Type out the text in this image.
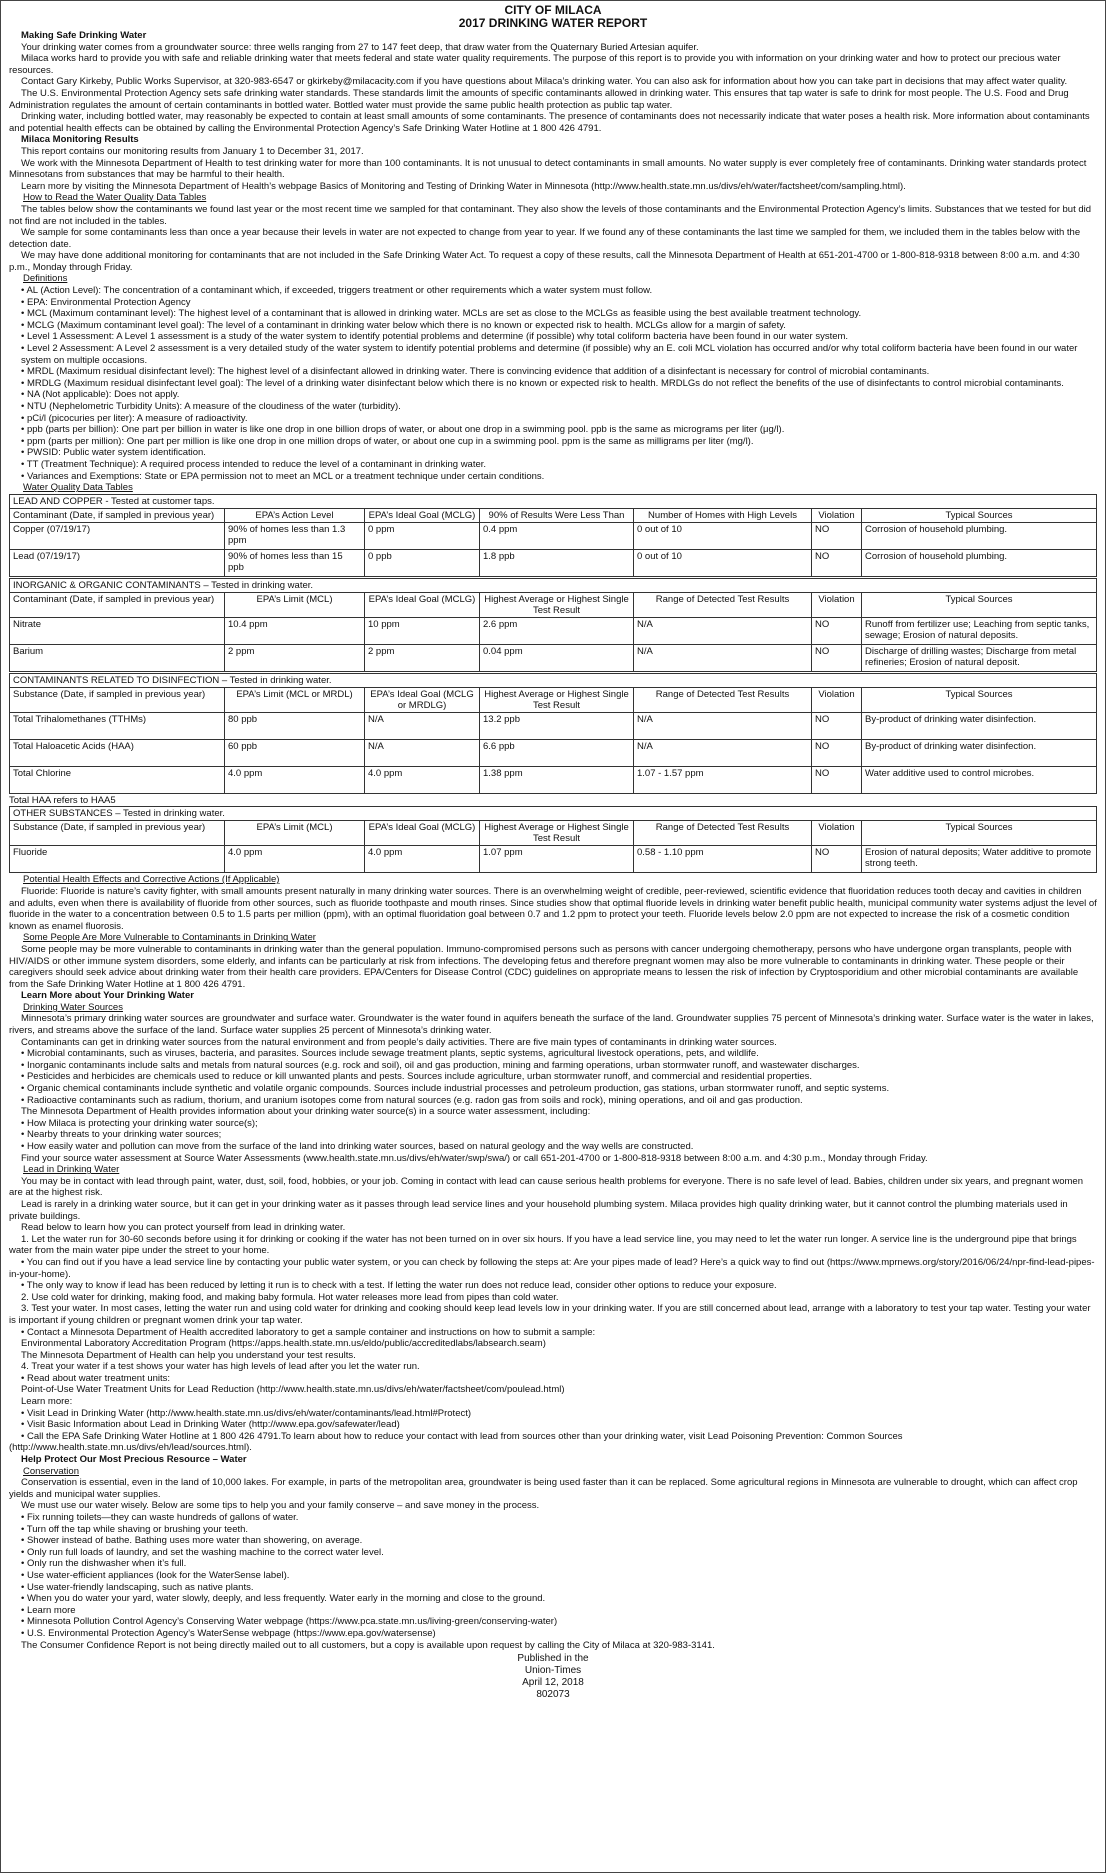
CITY OF MILACA
2017 DRINKING WATER REPORT
Making Safe Drinking Water

Your drinking water comes from a groundwater source: three wells ranging from 27 to 147 feet deep, that draw water from the Quaternary Buried Artesian aquifer.

Milaca works hard to provide you with safe and reliable drinking water that meets federal and state water quality requirements. The purpose of this report is to provide you with information on your drinking water and how to protect our precious water resources.

Contact Gary Kirkeby, Public Works Supervisor, at 320-983-6547 or gkirkeby@milacacity.com if you have questions about Milaca’s drinking water. You can also ask for information about how you can take part in decisions that may affect water quality.

The U.S. Environmental Protection Agency sets safe drinking water standards. These standards limit the amounts of specific contaminants allowed in drinking water. This ensures that tap water is safe to drink for most people. The U.S. Food and Drug Administration regulates the amount of certain contaminants in bottled water. Bottled water must provide the same public health protection as public tap water.

Drinking water, including bottled water, may reasonably be expected to contain at least small amounts of some contaminants. The presence of contaminants does not necessarily indicate that water poses a health risk. More information about contaminants and potential health effects can be obtained by calling the Environmental Protection Agency’s Safe Drinking Water Hotline at 1 800 426 4791.

Milaca Monitoring Results

This report contains our monitoring results from January 1 to December 31, 2017.

We work with the Minnesota Department of Health to test drinking water for more than 100 contaminants. It is not unusual to detect contaminants in small amounts. No water supply is ever completely free of contaminants. Drinking water standards protect Minnesotans from substances that may be harmful to their health.

Learn more by visiting the Minnesota Department of Health’s webpage Basics of Monitoring and Testing of Drinking Water in Minnesota (http://www.health.state.mn.us/divs/eh/water/factsheet/com/sampling.html).

How to Read the Water Quality Data Tables

The tables below show the contaminants we found last year or the most recent time we sampled for that contaminant. They also show the levels of those contaminants and the Environmental Protection Agency’s limits. Substances that we tested for but did not find are not included in the tables.

We sample for some contaminants less than once a year because their levels in water are not expected to change from year to year. If we found any of these contaminants the last time we sampled for them, we included them in the tables below with the detection date.

We may have done additional monitoring for contaminants that are not included in the Safe Drinking Water Act. To request a copy of these results, call the Minnesota Department of Health at 651-201-4700 or 1-800-818-9318 between 8:00 a.m. and 4:30 p.m., Monday through Friday.

Definitions
• AL (Action Level): The concentration of a contaminant which, if exceeded, triggers treatment or other requirements which a water system must follow.
• EPA: Environmental Protection Agency
• MCL (Maximum contaminant level): The highest level of a contaminant that is allowed in drinking water. MCLs are set as close to the MCLGs as feasible using the best available treatment technology.
• MCLG (Maximum contaminant level goal): The level of a contaminant in drinking water below which there is no known or expected risk to health. MCLGs allow for a margin of safety.
• Level 1 Assessment: A Level 1 assessment is a study of the water system to identify potential problems and determine (if possible) why total coliform bacteria have been found in our water system.
• Level 2 Assessment: A Level 2 assessment is a very detailed study of the water system to identify potential problems and determine (if possible) why an E. coli MCL violation has occurred and/or why total coliform bacteria have been found in our water system on multiple occasions.
• MRDL (Maximum residual disinfectant level): The highest level of a disinfectant allowed in drinking water. There is convincing evidence that addition of a disinfectant is necessary for control of microbial contaminants.
• MRDLG (Maximum residual disinfectant level goal): The level of a drinking water disinfectant below which there is no known or expected risk to health. MRDLGs do not reflect the benefits of the use of disinfectants to control microbial contaminants.
• NA (Not applicable): Does not apply.
• NTU (Nephelometric Turbidity Units): A measure of the cloudiness of the water (turbidity).
• pCi/l (picocuries per liter): A measure of radioactivity.
• ppb (parts per billion): One part per billion in water is like one drop in one billion drops of water, or about one drop in a swimming pool. ppb is the same as micrograms per liter (μg/l).
• ppm (parts per million): One part per million is like one drop in one million drops of water, or about one cup in a swimming pool. ppm is the same as milligrams per liter (mg/l).
• PWSID: Public water system identification.
• TT (Treatment Technique): A required process intended to reduce the level of a contaminant in drinking water.
• Variances and Exemptions: State or EPA permission not to meet an MCL or a treatment technique under certain conditions.
Water Quality Data Tables
LEAD AND COPPER - Tested at customer taps.						
Contaminant (Date, if sampled in previous year)	EPA’s Action Level	EPA’s Ideal Goal (MCLG)	90% of Results Were Less Than	Number of Homes with High Levels	Violation	Typical Sources
Copper (07/19/17)	90% of homes less than 1.3 ppm	0 ppm	0.4 ppm	0 out of 10	NO	Corrosion of household plumbing.
Lead (07/19/17)	90% of homes less than 15 ppb	0 ppb	1.8 ppb	0 out of 10	NO	Corrosion of household plumbing.
INORGANIC & ORGANIC CONTAMINANTS – Tested in drinking water.						
Contaminant (Date, if sampled in previous year)	EPA’s Limit (MCL)	EPA’s Ideal Goal (MCLG)	Highest Average or Highest Single Test Result	Range of Detected Test Results	Violation	Typical Sources
Nitrate	10.4 ppm	10 ppm	2.6 ppm	N/A	NO	Runoff from fertilizer use; Leaching from septic tanks, sewage; Erosion of natural deposits.
Barium	2 ppm	2 ppm	0.04 ppm	N/A	NO	Discharge of drilling wastes; Discharge from metal refineries; Erosion of natural deposit.
CONTAMINANTS RELATED TO DISINFECTION – Tested in drinking water.						
Substance (Date, if sampled in previous year)	EPA’s Limit (MCL or MRDL)	EPA’s Ideal Goal (MCLG or MRDLG)	Highest Average or Highest Single Test Result	Range of Detected Test Results	Violation	Typical Sources
Total Trihalomethanes (TTHMs)	80 ppb	N/A	13.2 ppb	N/A	NO	By-product of drinking water disinfection.
Total Haloacetic Acids (HAA)	60 ppb	N/A	6.6 ppb	N/A	NO	By-product of drinking water disinfection.
Total Chlorine	4.0 ppm	4.0 ppm	1.38 ppm	1.07 - 1.57 ppm	NO	Water additive used to control microbes.
Total HAA refers to HAA5
OTHER SUBSTANCES – Tested in drinking water.						
Substance (Date, if sampled in previous year)	EPA’s Limit (MCL)	EPA’s Ideal Goal (MCLG)	Highest Average or Highest Single Test Result	Range of Detected Test Results	Violation	Typical Sources
Fluoride	4.0 ppm	4.0 ppm	1.07 ppm	0.58 - 1.10 ppm	NO	Erosion of natural deposits; Water additive to promote strong teeth.
Potential Health Effects and Corrective Actions (If Applicable)

Fluoride: Fluoride is nature’s cavity fighter, with small amounts present naturally in many drinking water sources. There is an overwhelming weight of credible, peer-reviewed, scientific evidence that fluoridation reduces tooth decay and cavities in children and adults, even when there is availability of fluoride from other sources, such as fluoride toothpaste and mouth rinses. Since studies show that optimal fluoride levels in drinking water benefit public health, municipal community water systems adjust the level of fluoride in the water to a concentration between 0.5 to 1.5 parts per million (ppm), with an optimal fluoridation goal between 0.7 and 1.2 ppm to protect your teeth. Fluoride levels below 2.0 ppm are not expected to increase the risk of a cosmetic condition known as enamel fluorosis.

Some People Are More Vulnerable to Contaminants in Drinking Water

Some people may be more vulnerable to contaminants in drinking water than the general population. Immuno-compromised persons such as persons with cancer undergoing chemotherapy, persons who have undergone organ transplants, people with HIV/AIDS or other immune system disorders, some elderly, and infants can be particularly at risk from infections. The developing fetus and therefore pregnant women may also be more vulnerable to contaminants in drinking water. These people or their caregivers should seek advice about drinking water from their health care providers. EPA/Centers for Disease Control (CDC) guidelines on appropriate means to lessen the risk of infection by Cryptosporidium and other microbial contaminants are available from the Safe Drinking Water Hotline at 1 800 426 4791.

Learn More about Your Drinking Water
Drinking Water Sources

Minnesota’s primary drinking water sources are groundwater and surface water. Groundwater is the water found in aquifers beneath the surface of the land. Groundwater supplies 75 percent of Minnesota’s drinking water. Surface water is the water in lakes, rivers, and streams above the surface of the land. Surface water supplies 25 percent of Minnesota’s drinking water.

Contaminants can get in drinking water sources from the natural environment and from people’s daily activities. There are five main types of contaminants in drinking water sources.

• Microbial contaminants, such as viruses, bacteria, and parasites. Sources include sewage treatment plants, septic systems, agricultural livestock operations, pets, and wildlife.
• Inorganic contaminants include salts and metals from natural sources (e.g. rock and soil), oil and gas production, mining and farming operations, urban stormwater runoff, and wastewater discharges.
• Pesticides and herbicides are chemicals used to reduce or kill unwanted plants and pests. Sources include agriculture, urban stormwater runoff, and commercial and residential properties.
• Organic chemical contaminants include synthetic and volatile organic compounds. Sources include industrial processes and petroleum production, gas stations, urban stormwater runoff, and septic systems.
• Radioactive contaminants such as radium, thorium, and uranium isotopes come from natural sources (e.g. radon gas from soils and rock), mining operations, and oil and gas production.

The Minnesota Department of Health provides information about your drinking water source(s) in a source water assessment, including:

• How Milaca is protecting your drinking water source(s);
• Nearby threats to your drinking water sources;
• How easily water and pollution can move from the surface of the land into drinking water sources, based on natural geology and the way wells are constructed.

Find your source water assessment at Source Water Assessments (www.health.state.mn.us/divs/eh/water/swp/swa/) or call 651-201-4700 or 1-800-818-9318 between 8:00 a.m. and 4:30 p.m., Monday through Friday.

Lead in Drinking Water

You may be in contact with lead through paint, water, dust, soil, food, hobbies, or your job. Coming in contact with lead can cause serious health problems for everyone. There is no safe level of lead. Babies, children under six years, and pregnant women are at the highest risk.

Lead is rarely in a drinking water source, but it can get in your drinking water as it passes through lead service lines and your household plumbing system. Milaca provides high quality drinking water, but it cannot control the plumbing materials used in private buildings.

Read below to learn how you can protect yourself from lead in drinking water.

1. Let the water run for 30-60 seconds before using it for drinking or cooking if the water has not been turned on in over six hours. If you have a lead service line, you may need to let the water run longer. A service line is the underground pipe that brings water from the main water pipe under the street to your home.

• You can find out if you have a lead service line by contacting your public water system, or you can check by following the steps at: Are your pipes made of lead? Here’s a quick way to find out (https://www.mprnews.org/story/2016/06/24/npr-find-lead-pipes-in-your-home).

• The only way to know if lead has been reduced by letting it run is to check with a test. If letting the water run does not reduce lead, consider other options to reduce your exposure.

2. Use cold water for drinking, making food, and making baby formula. Hot water releases more lead from pipes than cold water.

3. Test your water. In most cases, letting the water run and using cold water for drinking and cooking should keep lead levels low in your drinking water. If you are still concerned about lead, arrange with a laboratory to test your tap water. Testing your water is important if young children or pregnant women drink your tap water.

• Contact a Minnesota Department of Health accredited laboratory to get a sample container and instructions on how to submit a sample:

Environmental Laboratory Accreditation Program (https://apps.health.state.mn.us/eldo/public/accreditedlabs/labsearch.seam)

The Minnesota Department of Health can help you understand your test results.

4. Treat your water if a test shows your water has high levels of lead after you let the water run.

• Read about water treatment units:

Point-of-Use Water Treatment Units for Lead Reduction (http://www.health.state.mn.us/divs/eh/water/factsheet/com/poulead.html)

Learn more:

• Visit Lead in Drinking Water (http://www.health.state.mn.us/divs/eh/water/contaminants/lead.html#Protect)

• Visit Basic Information about Lead in Drinking Water (http://www.epa.gov/safewater/lead)

• Call the EPA Safe Drinking Water Hotline at 1 800 426 4791.To learn about how to reduce your contact with lead from sources other than your drinking water, visit Lead Poisoning Prevention: Common Sources (http://www.health.state.mn.us/divs/eh/lead/sources.html).

Help Protect Our Most Precious Resource – Water
Conservation

Conservation is essential, even in the land of 10,000 lakes. For example, in parts of the metropolitan area, groundwater is being used faster than it can be replaced. Some agricultural regions in Minnesota are vulnerable to drought, which can affect crop yields and municipal water supplies.

We must use our water wisely. Below are some tips to help you and your family conserve – and save money in the process.

• Fix running toilets—they can waste hundreds of gallons of water.
• Turn off the tap while shaving or brushing your teeth.
• Shower instead of bathe. Bathing uses more water than showering, on average.
• Only run full loads of laundry, and set the washing machine to the correct water level.
• Only run the dishwasher when it’s full.
• Use water-efficient appliances (look for the WaterSense label).
• Use water-friendly landscaping, such as native plants.
• When you do water your yard, water slowly, deeply, and less frequently. Water early in the morning and close to the ground.
• Learn more
• Minnesota Pollution Control Agency’s Conserving Water webpage (https://www.pca.state.mn.us/living-green/conserving-water)
• U.S. Environmental Protection Agency’s WaterSense webpage (https://www.epa.gov/watersense)

The Consumer Confidence Report is not being directly mailed out to all customers, but a copy is available upon request by calling the City of Milaca at 320-983-3141.

Published in the
Union-Times
April 12, 2018
802073
